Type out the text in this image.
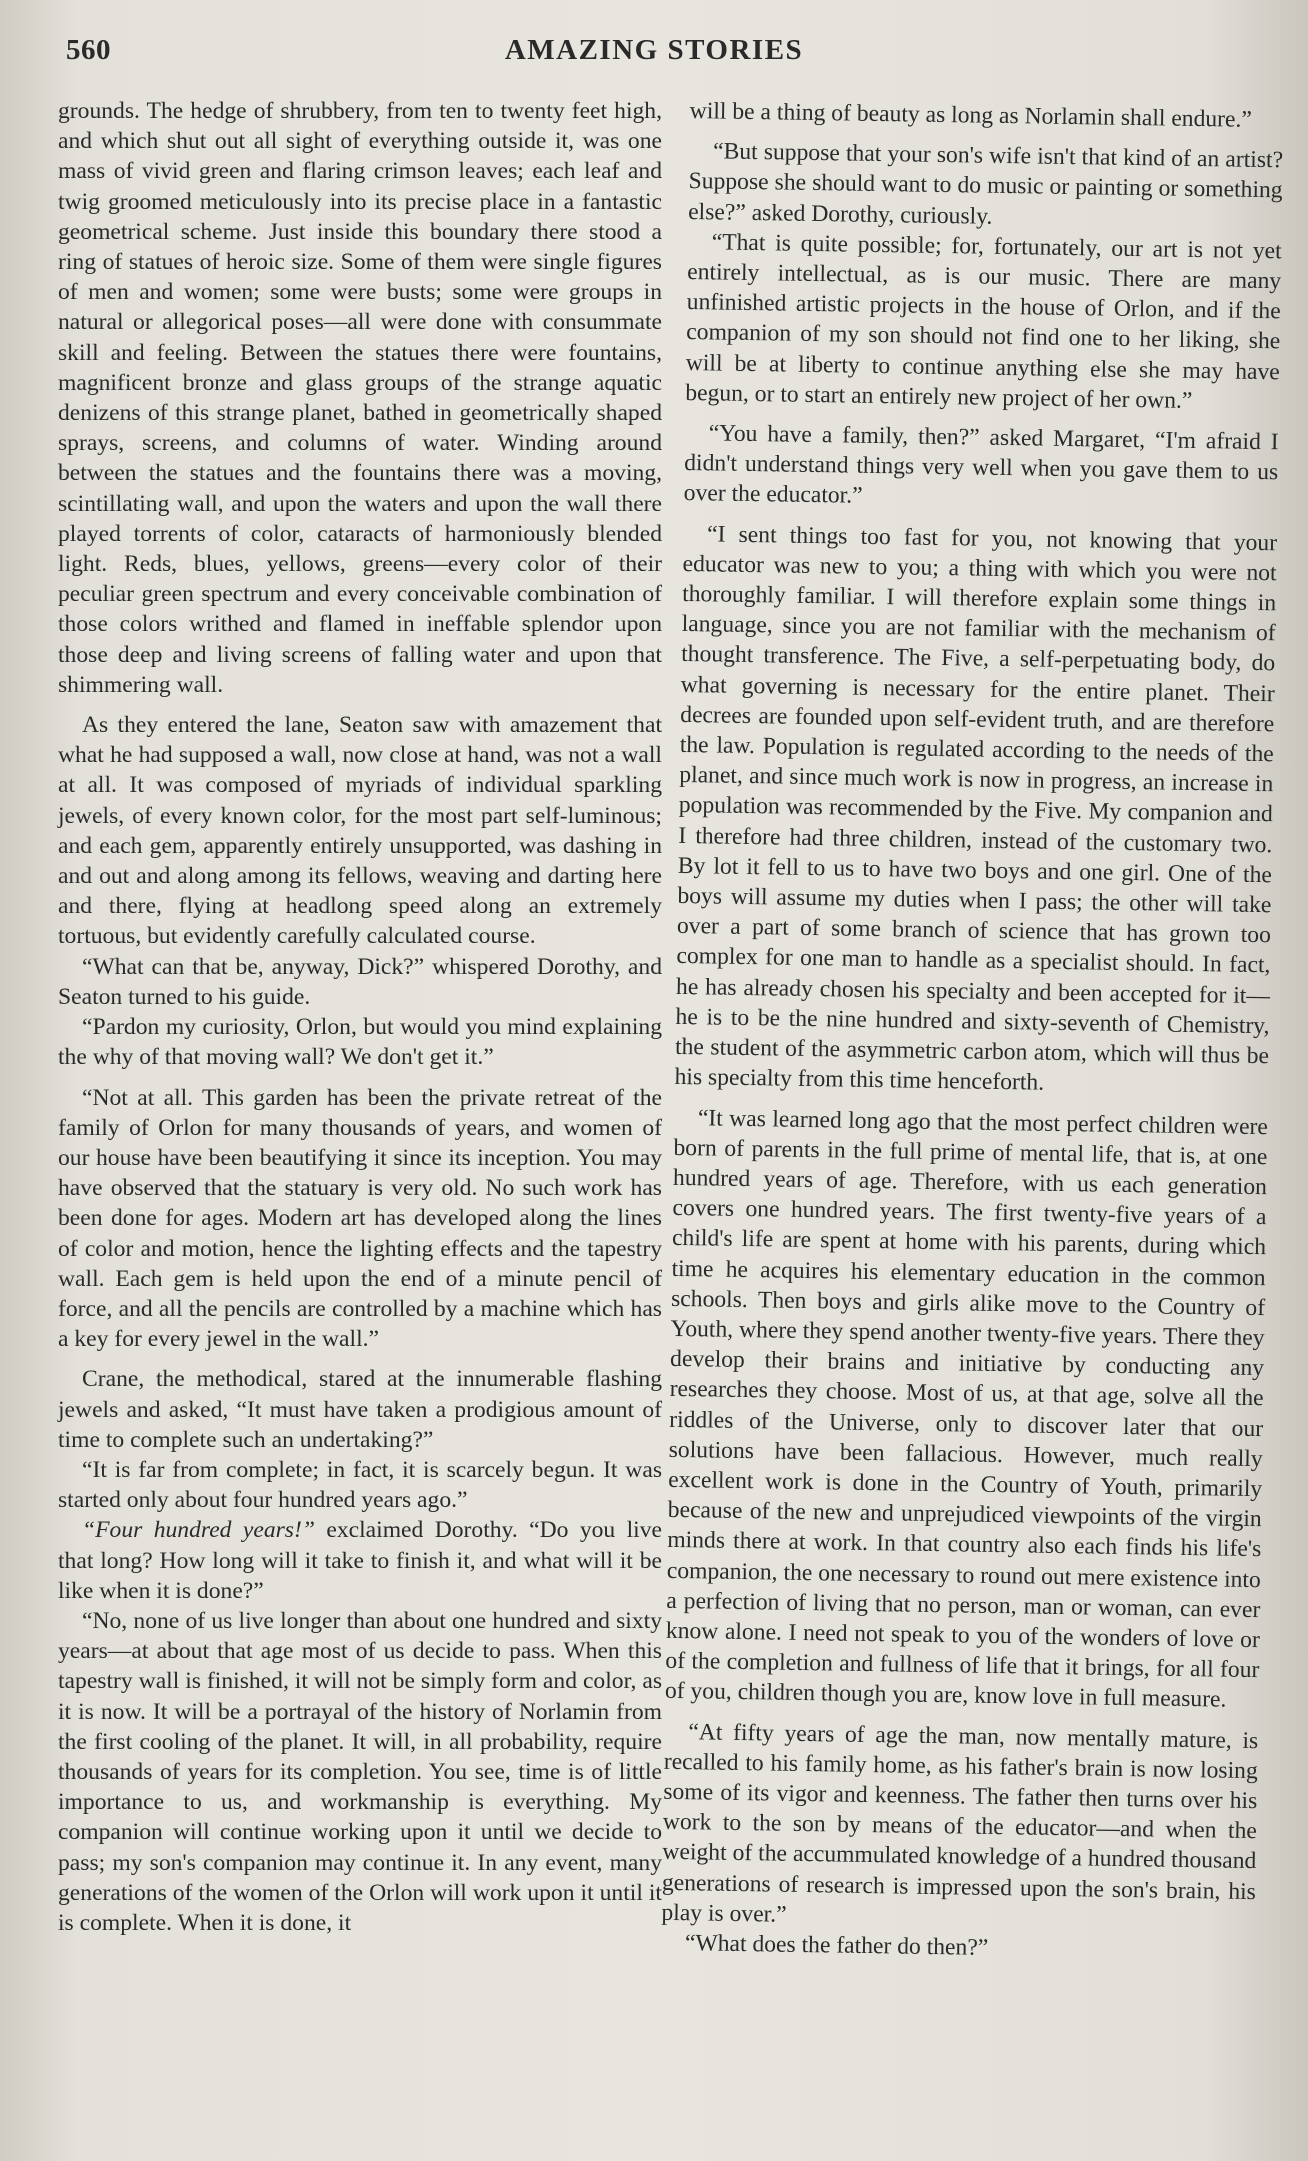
560	AMAZING STORIES

grounds. The hedge of shrubbery, from ten to twenty feet high, and which shut out all sight of everything outside it, was one mass of vivid green and flaring crimson leaves; each leaf and twig groomed meticulously into its precise place in a fantastic geometrical scheme. Just inside this boundary there stood a ring of statues of heroic size. Some of them were single figures of men and women; some were busts; some were groups in natural or allegorical poses—all were done with consummate skill and feeling. Between the statues there were fountains, magnificent bronze and glass groups of the strange aquatic denizens of this strange planet, bathed in geometrically shaped sprays, screens, and columns of water. Winding around between the statues and the fountains there was a moving, scintillating wall, and upon the waters and upon the wall there played torrents of color, cataracts of harmoniously blended light. Reds, blues, yellows, greens—every color of their peculiar green spectrum and every conceivable combination of those colors writhed and flamed in ineffable splendor upon those deep and living screens of falling water and upon that shimmering wall.

As they entered the lane, Seaton saw with amazement that what he had supposed a wall, now close at hand, was not a wall at all. It was composed of myriads of individual sparkling jewels, of every known color, for the most part self-luminous; and each gem, apparently entirely unsupported, was dashing in and out and along among its fellows, weaving and darting here and there, flying at headlong speed along an extremely tortuous, but evidently carefully calculated course.

“What can that be, anyway, Dick?” whispered Dorothy, and Seaton turned to his guide.

“Pardon my curiosity, Orlon, but would you mind explaining the why of that moving wall? We don't get it.”

“Not at all. This garden has been the private retreat of the family of Orlon for many thousands of years, and women of our house have been beautifying it since its inception. You may have observed that the statuary is very old. No such work has been done for ages. Modern art has developed along the lines of color and motion, hence the lighting effects and the tapestry wall. Each gem is held upon the end of a minute pencil of force, and all the pencils are controlled by a machine which has a key for every jewel in the wall.”

Crane, the methodical, stared at the innumerable flashing jewels and asked, “It must have taken a prodigious amount of time to complete such an undertaking?”

“It is far from complete; in fact, it is scarcely begun. It was started only about four hundred years ago.”

“Four hundred years!” exclaimed Dorothy. “Do you live that long? How long will it take to finish it, and what will it be like when it is done?”

“No, none of us live longer than about one hundred and sixty years—at about that age most of us decide to pass. When this tapestry wall is finished, it will not be simply form and color, as it is now. It will be a portrayal of the history of Norlamin from the first cooling of the planet. It will, in all probability, require thousands of years for its completion. You see, time is of little importance to us, and workmanship is everything. My companion will continue working upon it until we decide to pass; my son's companion may continue it. In any event, many generations of the women of the Orlon will work upon it until it is complete. When it is done, it

will be a thing of beauty as long as Norlamin shall endure.”

“But suppose that your son's wife isn't that kind of an artist? Suppose she should want to do music or painting or something else?” asked Dorothy, curiously.

“That is quite possible; for, fortunately, our art is not yet entirely intellectual, as is our music. There are many unfinished artistic projects in the house of Orlon, and if the companion of my son should not find one to her liking, she will be at liberty to continue anything else she may have begun, or to start an entirely new project of her own.”

“You have a family, then?” asked Margaret, “I'm afraid I didn't understand things very well when you gave them to us over the educator.”

“I sent things too fast for you, not knowing that your educator was new to you; a thing with which you were not thoroughly familiar. I will therefore explain some things in language, since you are not familiar with the mechanism of thought transference. The Five, a self-perpetuating body, do what governing is necessary for the entire planet. Their decrees are founded upon self-evident truth, and are therefore the law. Population is regulated according to the needs of the planet, and since much work is now in progress, an increase in population was recommended by the Five. My companion and I therefore had three children, instead of the customary two. By lot it fell to us to have two boys and one girl. One of the boys will assume my duties when I pass; the other will take over a part of some branch of science that has grown too complex for one man to handle as a specialist should. In fact, he has already chosen his specialty and been accepted for it—he is to be the nine hundred and sixty-seventh of Chemistry, the student of the asymmetric carbon atom, which will thus be his specialty from this time henceforth.

“It was learned long ago that the most perfect children were born of parents in the full prime of mental life, that is, at one hundred years of age. Therefore, with us each generation covers one hundred years. The first twenty-five years of a child's life are spent at home with his parents, during which time he acquires his elementary education in the common schools. Then boys and girls alike move to the Country of Youth, where they spend another twenty-five years. There they develop their brains and initiative by conducting any researches they choose. Most of us, at that age, solve all the riddles of the Universe, only to discover later that our solutions have been fallacious. However, much really excellent work is done in the Country of Youth, primarily because of the new and unprejudiced viewpoints of the virgin minds there at work. In that country also each finds his life's companion, the one necessary to round out mere existence into a perfection of living that no person, man or woman, can ever know alone. I need not speak to you of the wonders of love or of the completion and fullness of life that it brings, for all four of you, children though you are, know love in full measure.

“At fifty years of age the man, now mentally mature, is recalled to his family home, as his father's brain is now losing some of its vigor and keenness. The father then turns over his work to the son by means of the educator—and when the weight of the accummulated knowledge of a hundred thousand generations of research is impressed upon the son's brain, his play is over.”

“What does the father do then?”
